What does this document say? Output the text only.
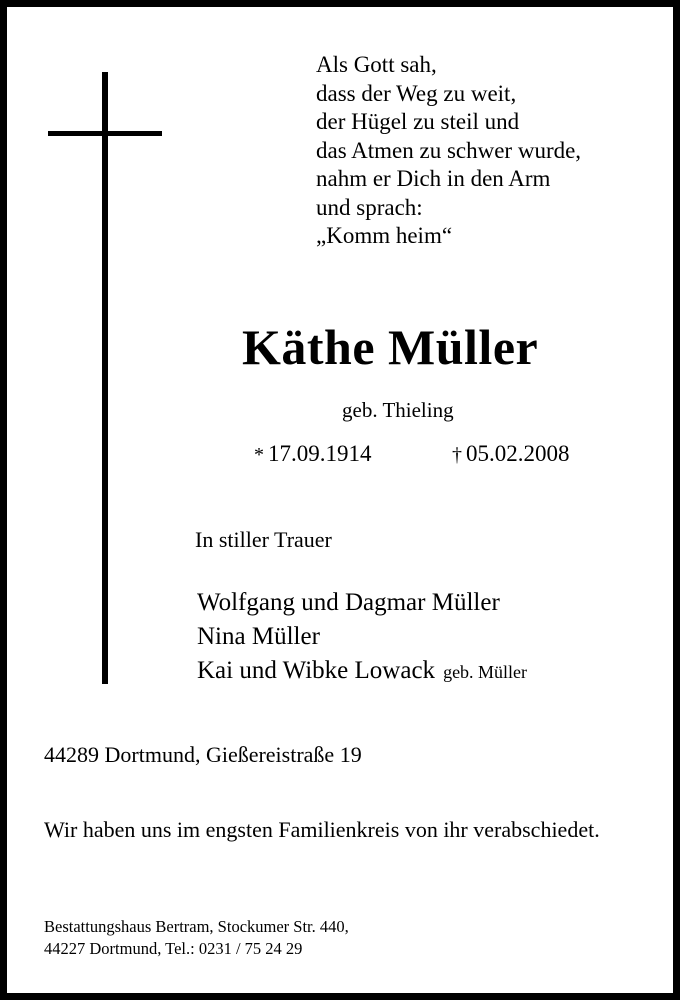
Als Gott sah,
dass der Weg zu weit,
der Hügel zu steil und
das Atmen zu schwer wurde,
nahm er Dich in den Arm
und sprach:
„Komm heim“
Käthe Müller
geb. Thieling
* 17.09.1914	† 05.02.2008
In stiller Trauer
Wolfgang und Dagmar Müller
Nina Müller
Kai und Wibke Lowack geb. Müller
44289 Dortmund, Gießereistraße 19
Wir haben uns im engsten Familienkreis von ihr verabschiedet.
Bestattungshaus Bertram, Stockumer Str. 440,
44227 Dortmund, Tel.: 0231 / 75 24 29
